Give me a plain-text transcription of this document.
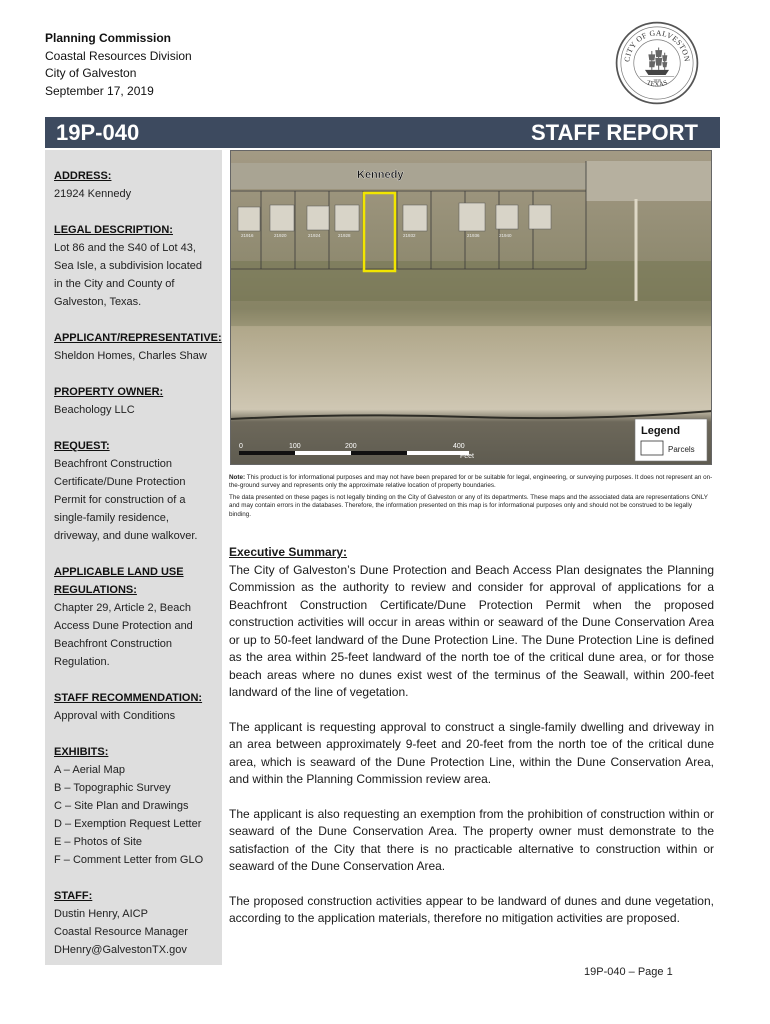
Planning Commission
Coastal Resources Division
City of Galveston
September 17, 2019
CITY OF GALVESTON
TEXAS
1839
19P-040	STAFF REPORT
ADDRESS:
21924 Kennedy
LEGAL DESCRIPTION:
Lot 86 and the S40 of Lot 43,
Sea Isle, a subdivision located
in the City and County of
Galveston, Texas.
APPLICANT/REPRESENTATIVE:
Sheldon Homes, Charles Shaw
PROPERTY OWNER:
Beachology LLC
REQUEST:
Beachfront Construction
Certificate/Dune Protection
Permit for construction of a
single-family residence,
driveway, and dune walkover.
APPLICABLE LAND USE
REGULATIONS:
Chapter 29, Article 2, Beach
Access Dune Protection and
Beachfront Construction
Regulation.
STAFF RECOMMENDATION:
Approval with Conditions
EXHIBITS:
A – Aerial Map
B – Topographic Survey
C – Site Plan and Drawings
D – Exemption Request Letter
E – Photos of Site
F – Comment Letter from GLO
STAFF:
Dustin Henry, AICP
Coastal Resource Manager
DHenry@GalvestonTX.gov
Kennedy
21916	21920	21924	21928	21932	21936	21940
0	100	200	400
Feet
Legend
Parcels

Note: This product is for informational purposes and may not have been prepared for or be suitable for legal, engineering, or surveying purposes. It does not represent an on-the-ground survey and represents only the approximate relative location of property boundaries.

The data presented on these pages is not legally binding on the City of Galveston or any of its departments. These maps and the associated data are representations ONLY and may contain errors in the databases. Therefore, the information presented on this map is for informational purposes only and should not be construed to be legally binding.

Executive Summary:
The City of Galveston’s Dune Protection and Beach Access Plan designates the Planning Commission as the authority to review and consider for approval of applications for a Beachfront Construction Certificate/Dune Protection Permit when the proposed construction activities will occur in areas within or seaward of the Dune Conservation Area or up to 50-feet landward of the Dune Protection Line. The Dune Protection Line is defined as the area within 25-feet landward of the north toe of the critical dune area, or for those beach areas where no dunes exist west of the terminus of the Seawall, within 200-feet landward of the line of vegetation.

The applicant is requesting approval to construct a single-family dwelling and driveway in an area between approximately 9-feet and 20-feet from the north toe of the critical dune area, which is seaward of the Dune Protection Line, within the Dune Conservation Area, and within the Planning Commission review area.

The applicant is also requesting an exemption from the prohibition of construction within or seaward of the Dune Conservation Area. The property owner must demonstrate to the satisfaction of the City that there is no practicable alternative to construction within or seaward of the Dune Conservation Area.

The proposed construction activities appear to be landward of dunes and dune vegetation, according to the application materials, therefore no mitigation activities are proposed.

19P-040 – Page 1
